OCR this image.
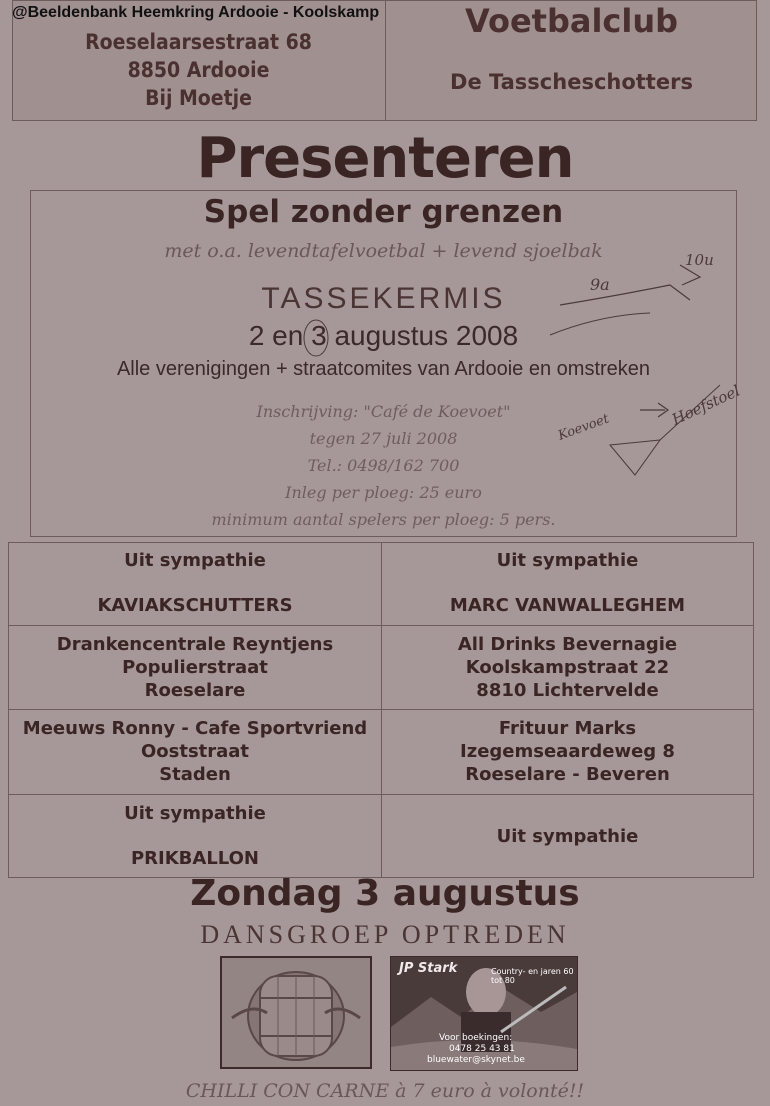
Roeselaarsestraat 68
8850 Ardooie
Bij Moetje
Voetbalclub
De Tasscheschotters
@Beeldenbank Heemkring Ardooie - Koolskamp
Presenteren
Spel zonder grenzen
met o.a. levendtafelvoetbal + levend sjoelbak
TASSEKERMIS
2 en 3 augustus 2008
Alle verenigingen + straatcomites van Ardooie en omstreken
Inschrijving: "Café de Koevoet"
tegen 27 juli 2008
Tel.: 0498/162 700
Inleg per ploeg: 25 euro
minimum aantal spelers per ploeg: 5 pers.
9a
10u
Koevoet	Hoefstoel
Uit sympathie
KAVIAKSCHUTTERS
Uit sympathie
MARC VANWALLEGHEM
Drankencentrale Reyntjens
Populierstraat
Roeselare
All Drinks Bevernagie
Koolskampstraat 22
8810 Lichtervelde
Meeuws Ronny - Cafe Sportvriend
Ooststraat
Staden
Frituur Marks
Izegemseaardeweg 8
Roeselare - Beveren
Uit sympathie
PRIKBALLON
Uit sympathie
Zondag 3 augustus
DANSGROEP OPTREDEN
JP Stark	Country- en jaren 60 tot 80
Voor boekingen:
0478 25 43 81
bluewater@skynet.be
CHILLI CON CARNE à 7 euro à volonté!!
